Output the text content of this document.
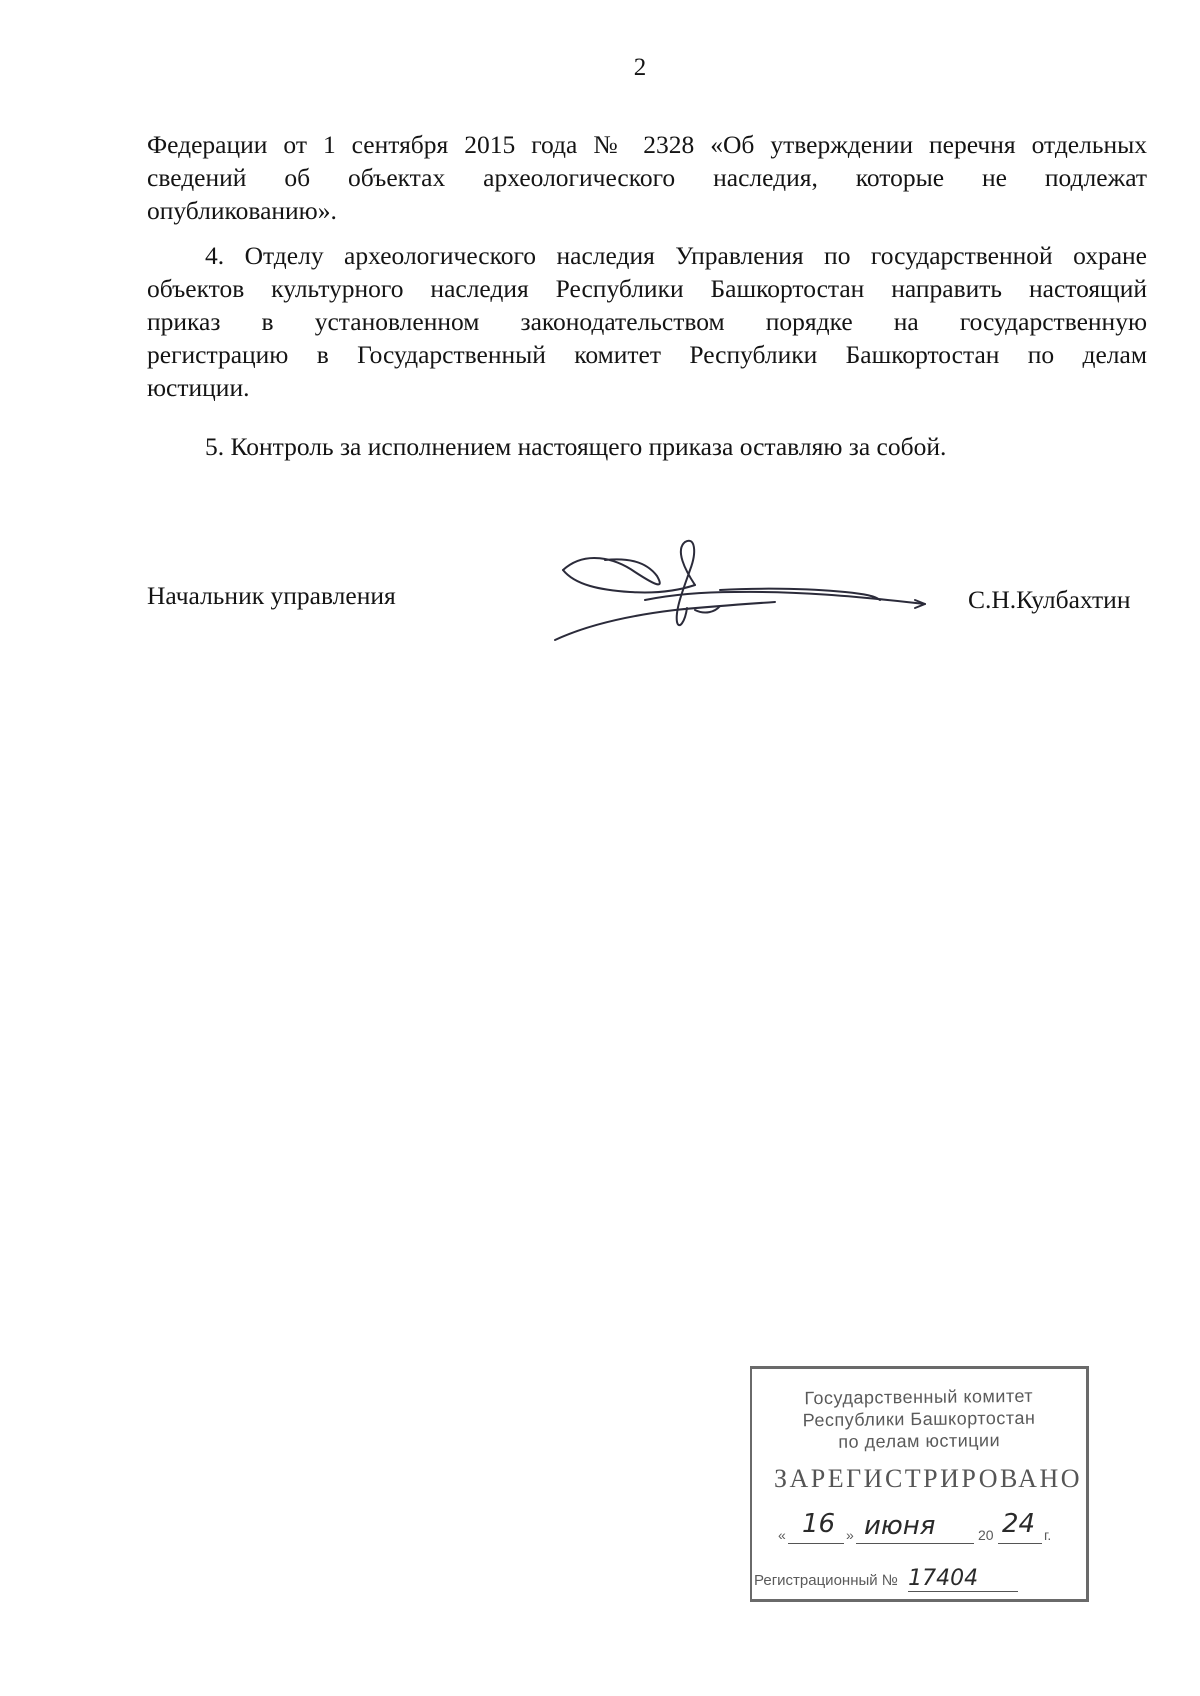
2

Федерации от 1 сентября 2015 года № 2328 «Об утверждении перечня отдельных

сведений об объектах археологического наследия, которые не подлежат

опубликованию».

4. Отделу археологического наследия Управления по государственной охране

объектов культурного наследия Республики Башкортостан направить настоящий

приказ в установленном законодательством порядке на государственную

регистрацию в Государственный комитет Республики Башкортостан по делам

юстиции.

5. Контроль за исполнением настоящего приказа оставляю за собой.

Начальник управления	С.Н.Кулбахтин
Государственный комитет
Республики Башкортостан
по делам юстиции
ЗАРЕГИСТРИРОВАНО
« 16 » июня	20 24 г.
Регистрационный № 17404
